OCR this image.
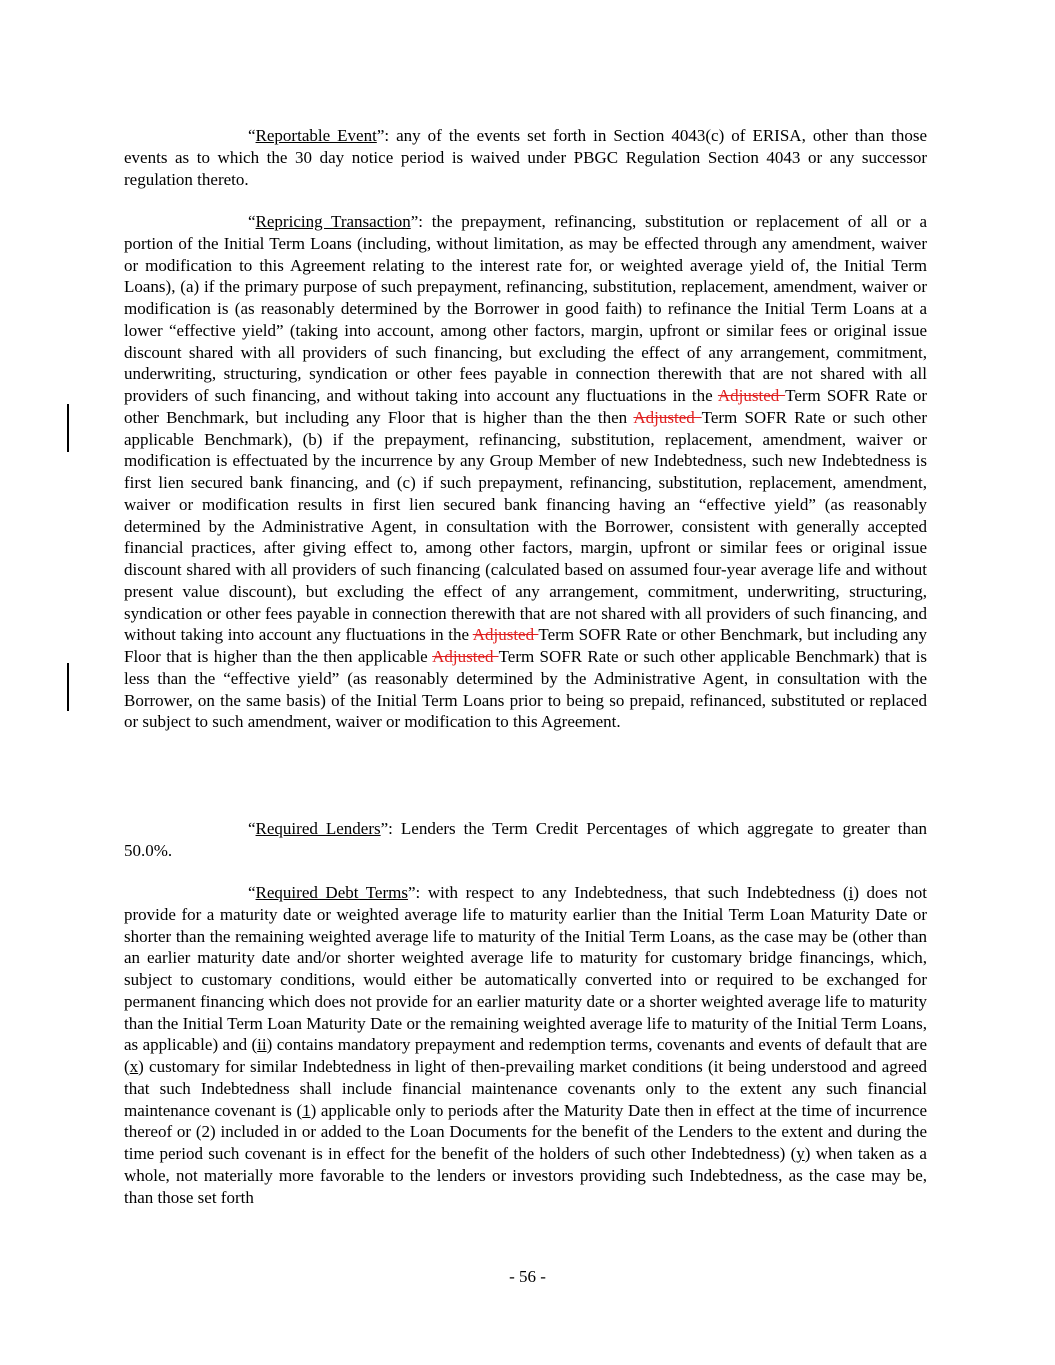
“Reportable Event”: any of the events set forth in Section 4043(c) of ERISA, other than those events as to which the 30 day notice period is waived under PBGC Regulation Section 4043 or any successor regulation thereto.

“Repricing Transaction”: the prepayment, refinancing, substitution or replacement of all or a portion of the Initial Term Loans (including, without limitation, as may be effected through any amendment, waiver or modification to this Agreement relating to the interest rate for, or weighted average yield of, the Initial Term Loans), (a) if the primary purpose of such prepayment, refinancing, substitution, replacement, amendment, waiver or modification is (as reasonably determined by the Borrower in good faith) to refinance the Initial Term Loans at a lower “effective yield” (taking into account, among other factors, margin, upfront or similar fees or original issue discount shared with all providers of such financing, but excluding the effect of any arrangement, commitment, underwriting, structuring, syndication or other fees payable in connection therewith that are not shared with all providers of such financing, and without taking into account any fluctuations in the Adjusted Term SOFR Rate or other Benchmark, but including any Floor that is higher than the then Adjusted Term SOFR Rate or such other applicable Benchmark), (b) if the prepayment, refinancing, substitution, replacement, amendment, waiver or modification is effectuated by the incurrence by any Group Member of new Indebtedness, such new Indebtedness is first lien secured bank financing, and (c) if such prepayment, refinancing, substitution, replacement, amendment, waiver or modification results in first lien secured bank financing having an “effective yield” (as reasonably determined by the Administrative Agent, in consultation with the Borrower, consistent with generally accepted financial practices, after giving effect to, among other factors, margin, upfront or similar fees or original issue discount shared with all providers of such financing (calculated based on assumed four-year average life and without present value discount), but excluding the effect of any arrangement, commitment, underwriting, structuring, syndication or other fees payable in connection therewith that are not shared with all providers of such financing, and without taking into account any fluctuations in the Adjusted Term SOFR Rate or other Benchmark, but including any Floor that is higher than the then applicable Adjusted Term SOFR Rate or such other applicable Benchmark) that is less than the “effective yield” (as reasonably determined by the Administrative Agent, in consultation with the Borrower, on the same basis) of the Initial Term Loans prior to being so prepaid, refinanced, substituted or replaced or subject to such amendment, waiver or modification to this Agreement.

“Required Lenders”: Lenders the Term Credit Percentages of which aggregate to greater than 50.0%.

“Required Debt Terms”: with respect to any Indebtedness, that such Indebtedness (i) does not provide for a maturity date or weighted average life to maturity earlier than the Initial Term Loan Maturity Date or shorter than the remaining weighted average life to maturity of the Initial Term Loans, as the case may be (other than an earlier maturity date and/or shorter weighted average life to maturity for customary bridge financings, which, subject to customary conditions, would either be automatically converted into or required to be exchanged for permanent financing which does not provide for an earlier maturity date or a shorter weighted average life to maturity than the Initial Term Loan Maturity Date or the remaining weighted average life to maturity of the Initial Term Loans, as applicable) and (ii) contains mandatory prepayment and redemption terms, covenants and events of default that are (x) customary for similar Indebtedness in light of then-prevailing market conditions (it being understood and agreed that such Indebtedness shall include financial maintenance covenants only to the extent any such financial maintenance covenant is (1) applicable only to periods after the Maturity Date then in effect at the time of incurrence thereof or (2) included in or added to the Loan Documents for the benefit of the Lenders to the extent and during the time period such covenant is in effect for the benefit of the holders of such other Indebtedness) (y) when taken as a whole, not materially more favorable to the lenders or investors providing such Indebtedness, as the case may be, than those set forth

- 56 -
